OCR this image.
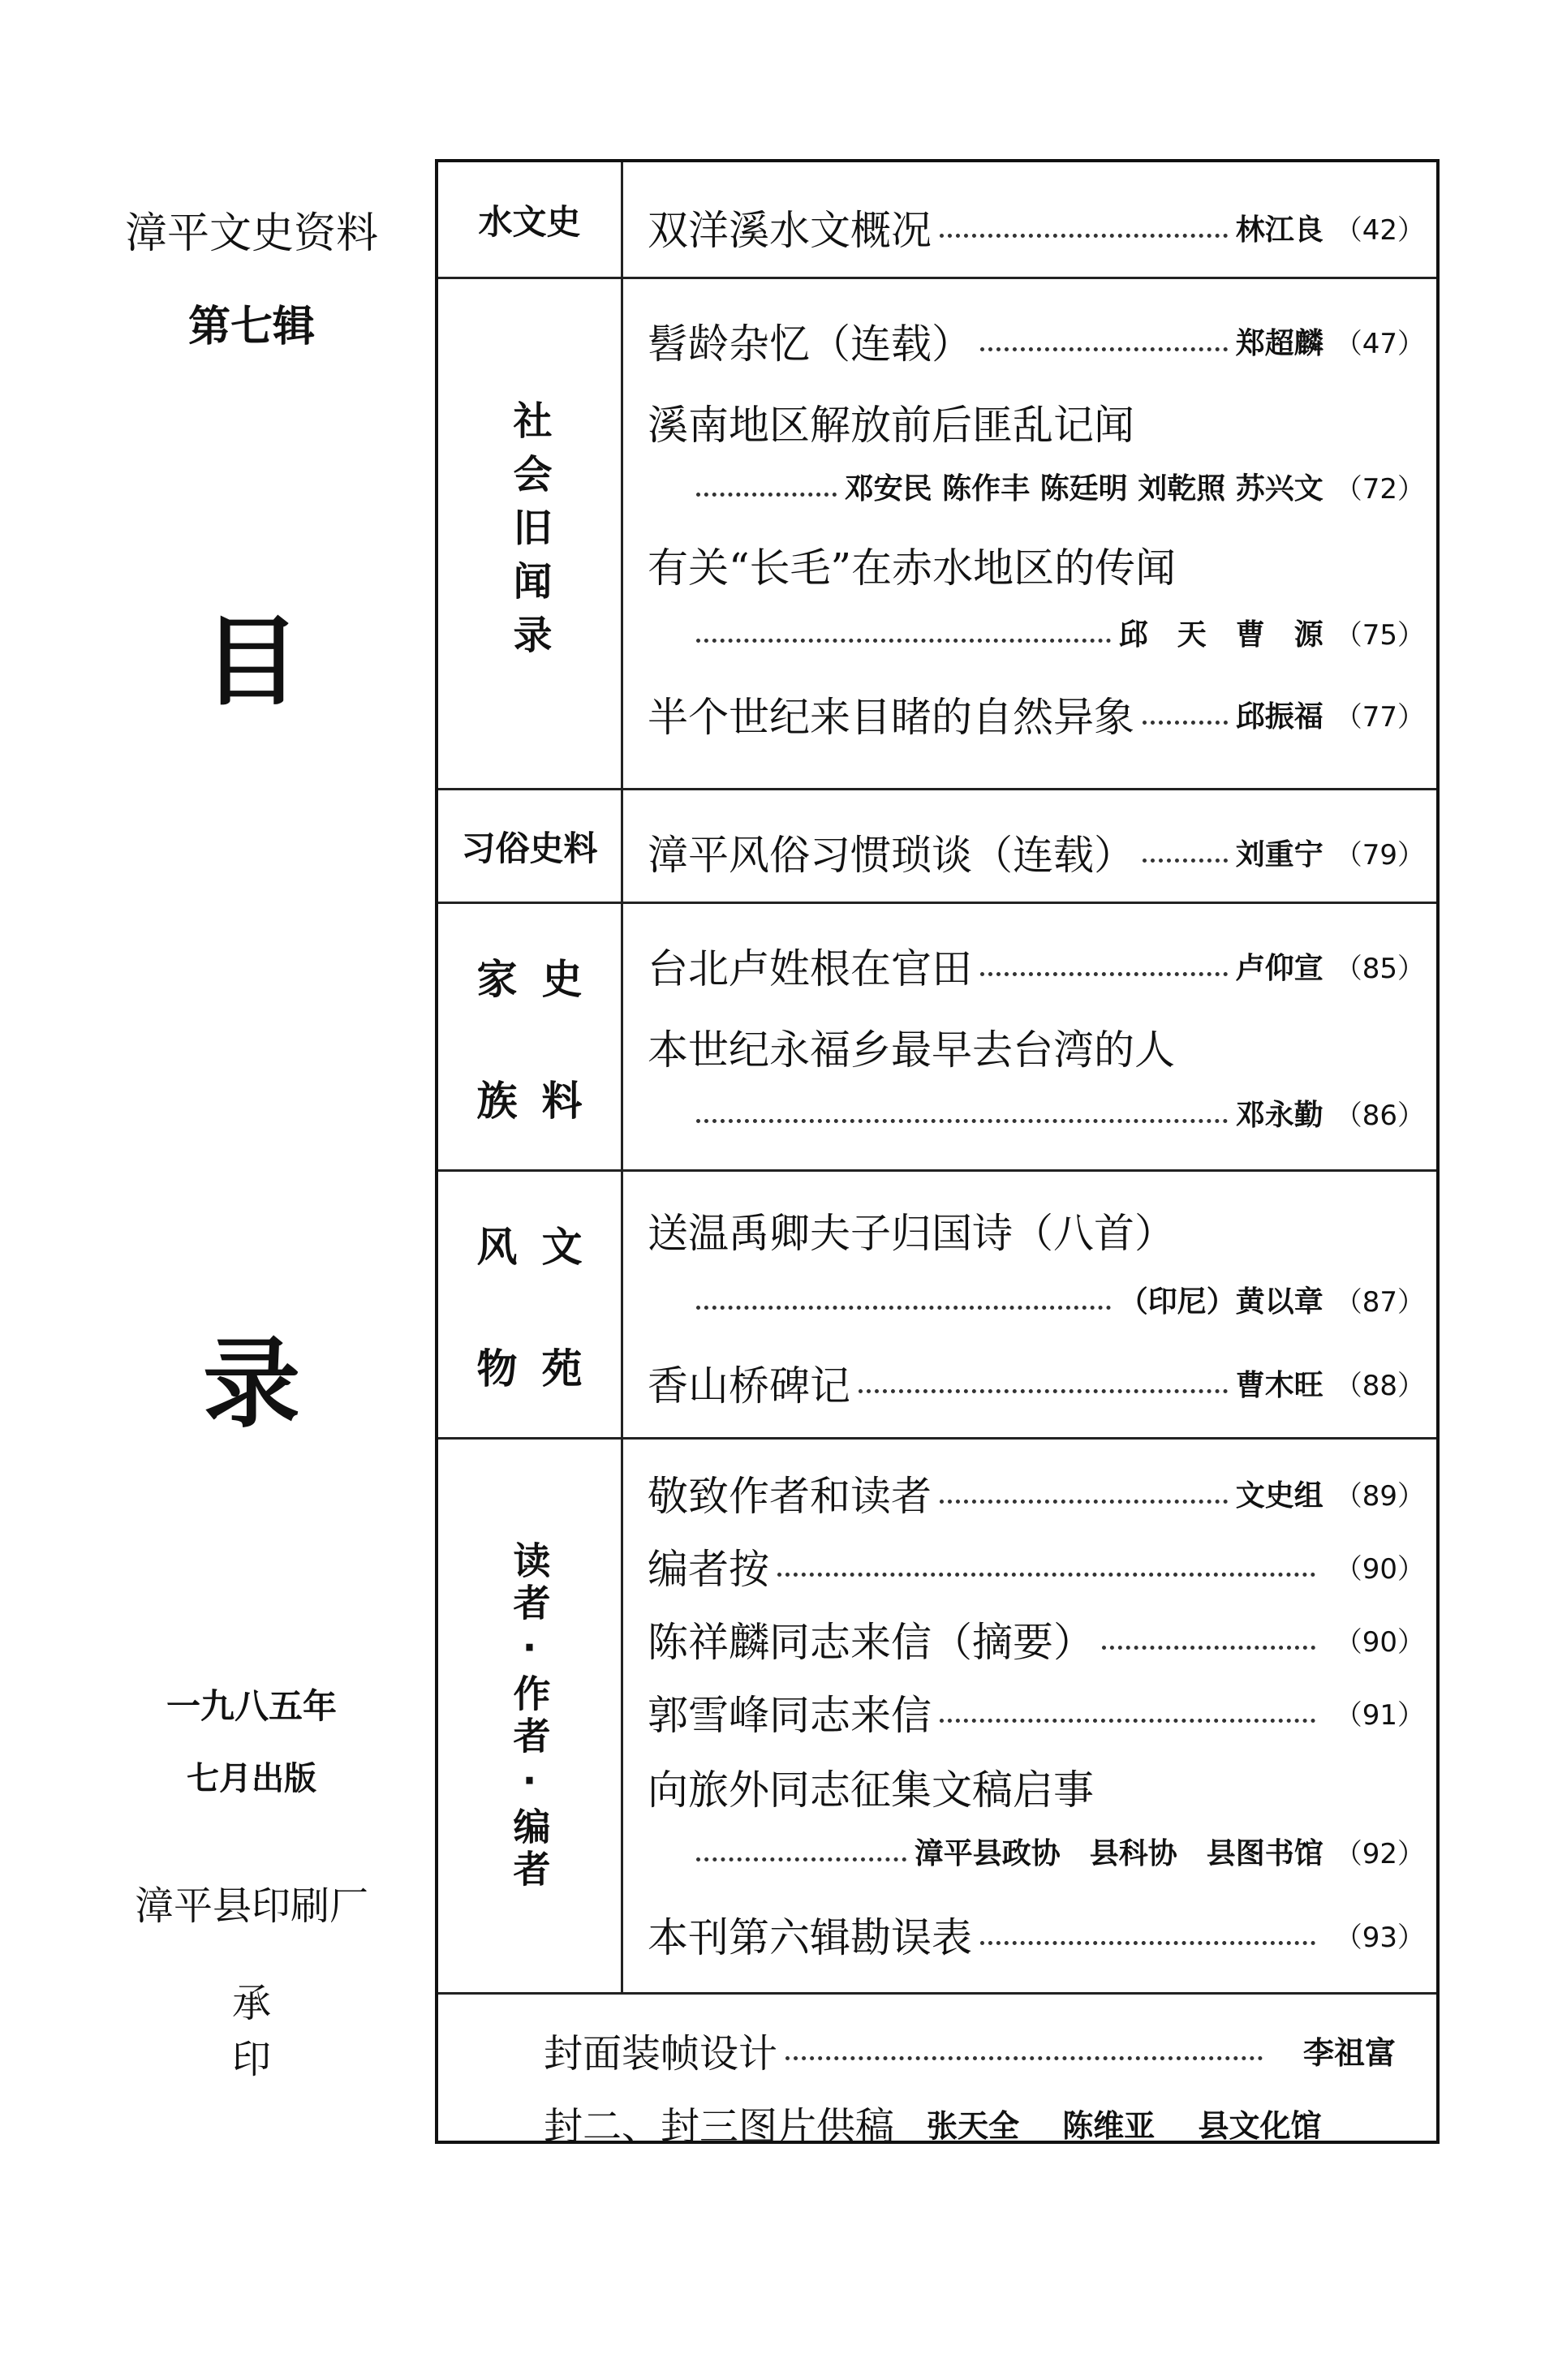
漳平文史资料
第七辑
目
录
一九八五年
七月出版
漳平县印刷厂
承印
水文史	双洋溪水文概况	林江良 （42）
社会旧闻录
髫龄杂忆（连载）	郑超麟 （47）
溪南地区解放前后匪乱记闻
邓安民 陈作丰 陈廷明 刘乾照 苏兴文 （72）
有关“长毛”在赤水地区的传闻
邱　天　曹　源 （75）
半个世纪来目睹的自然异象	邱振福 （77）
习俗史料	漳平风俗习惯琐谈（连载）	刘重宁 （79）
家 史
族 料
台北卢姓根在官田	卢仰宣 （85）
本世纪永福乡最早去台湾的人
邓永勤 （86）
风 文
物 苑
送温禹卿夫子归国诗（八首）
（印尼）黄以章 （87）
香山桥碑记	曹木旺 （88）
读者·作者·编者
敬致作者和读者	文史组 （89）
编者按	（90）
陈祥麟同志来信（摘要）	（90）
郭雪峰同志来信	（91）
向旅外同志征集文稿启事
漳平县政协　县科协　县图书馆 （92）
本刊第六辑勘误表	（93）
封面装帧设计	李祖富
封二、封三图片供稿	张天全 陈维亚 县文化馆
